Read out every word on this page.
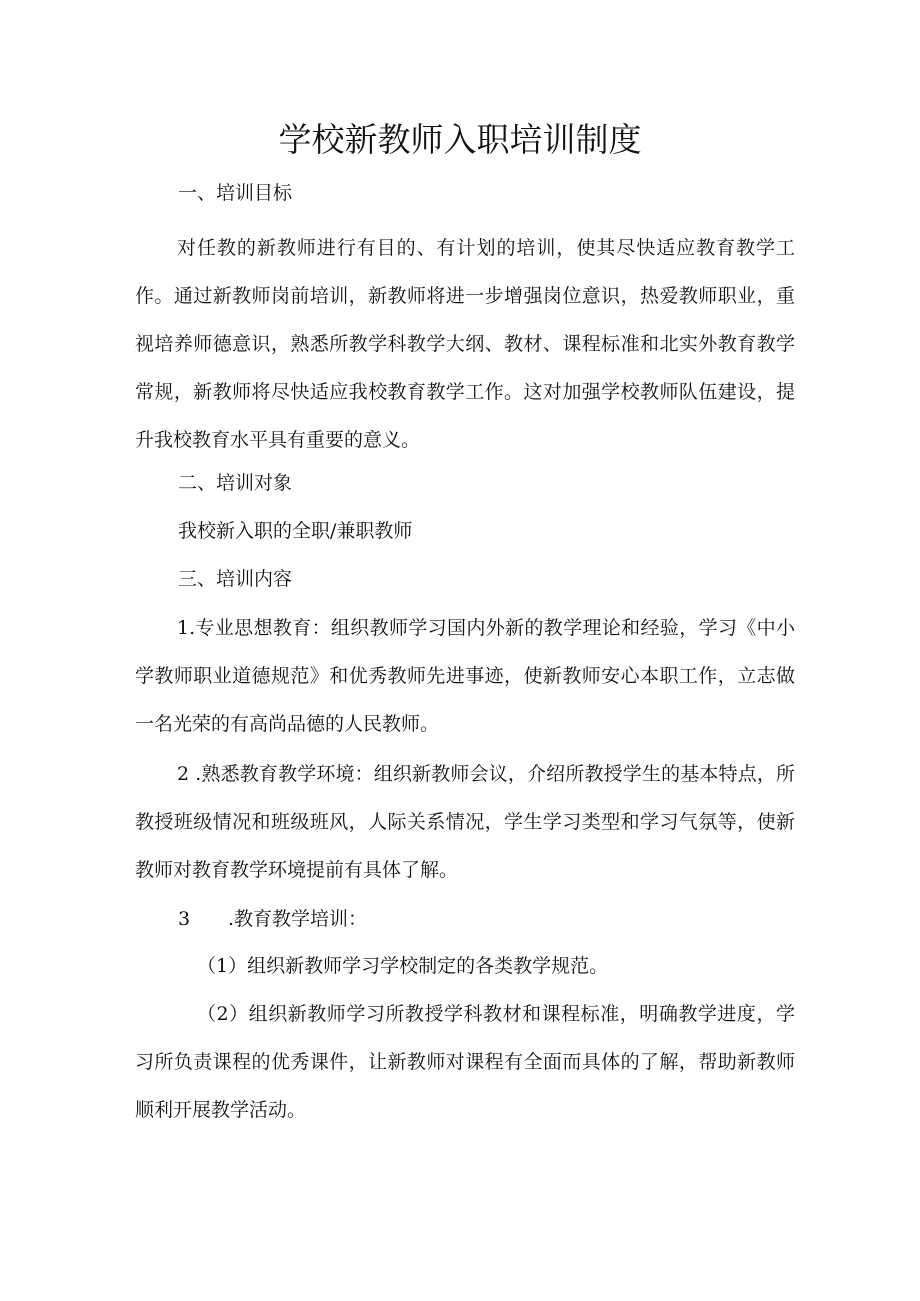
学校新教师入职培训制度

一、培训目标

对任教的新教师进行有目的、有计划的培训，使其尽快适应教育教学工作。通过新教师岗前培训，新教师将进一步增强岗位意识，热爱教师职业，重视培养师德意识，熟悉所教学科教学大纲、教材、课程标准和北实外教育教学常规，新教师将尽快适应我校教育教学工作。这对加强学校教师队伍建设，提升我校教育水平具有重要的意义。

二、培训对象

我校新入职的全职/兼职教师

三、培训内容

1.专业思想教育：组织教师学习国内外新的教学理论和经验，学习《中小学教师职业道德规范》和优秀教师先进事迹，使新教师安心本职工作，立志做一名光荣的有高尚品德的人民教师。

2 .熟悉教育教学环境：组织新教师会议，介绍所教授学生的基本特点，所教授班级情况和班级班风，人际关系情况，学生学习类型和学习气氛等，使新教师对教育教学环境提前有具体了解。

3 .教育教学培训：

（1）组织新教师学习学校制定的各类教学规范。

（2）组织新教师学习所教授学科教材和课程标准，明确教学进度，学习所负责课程的优秀课件，让新教师对课程有全面而具体的了解，帮助新教师顺利开展教学活动。
